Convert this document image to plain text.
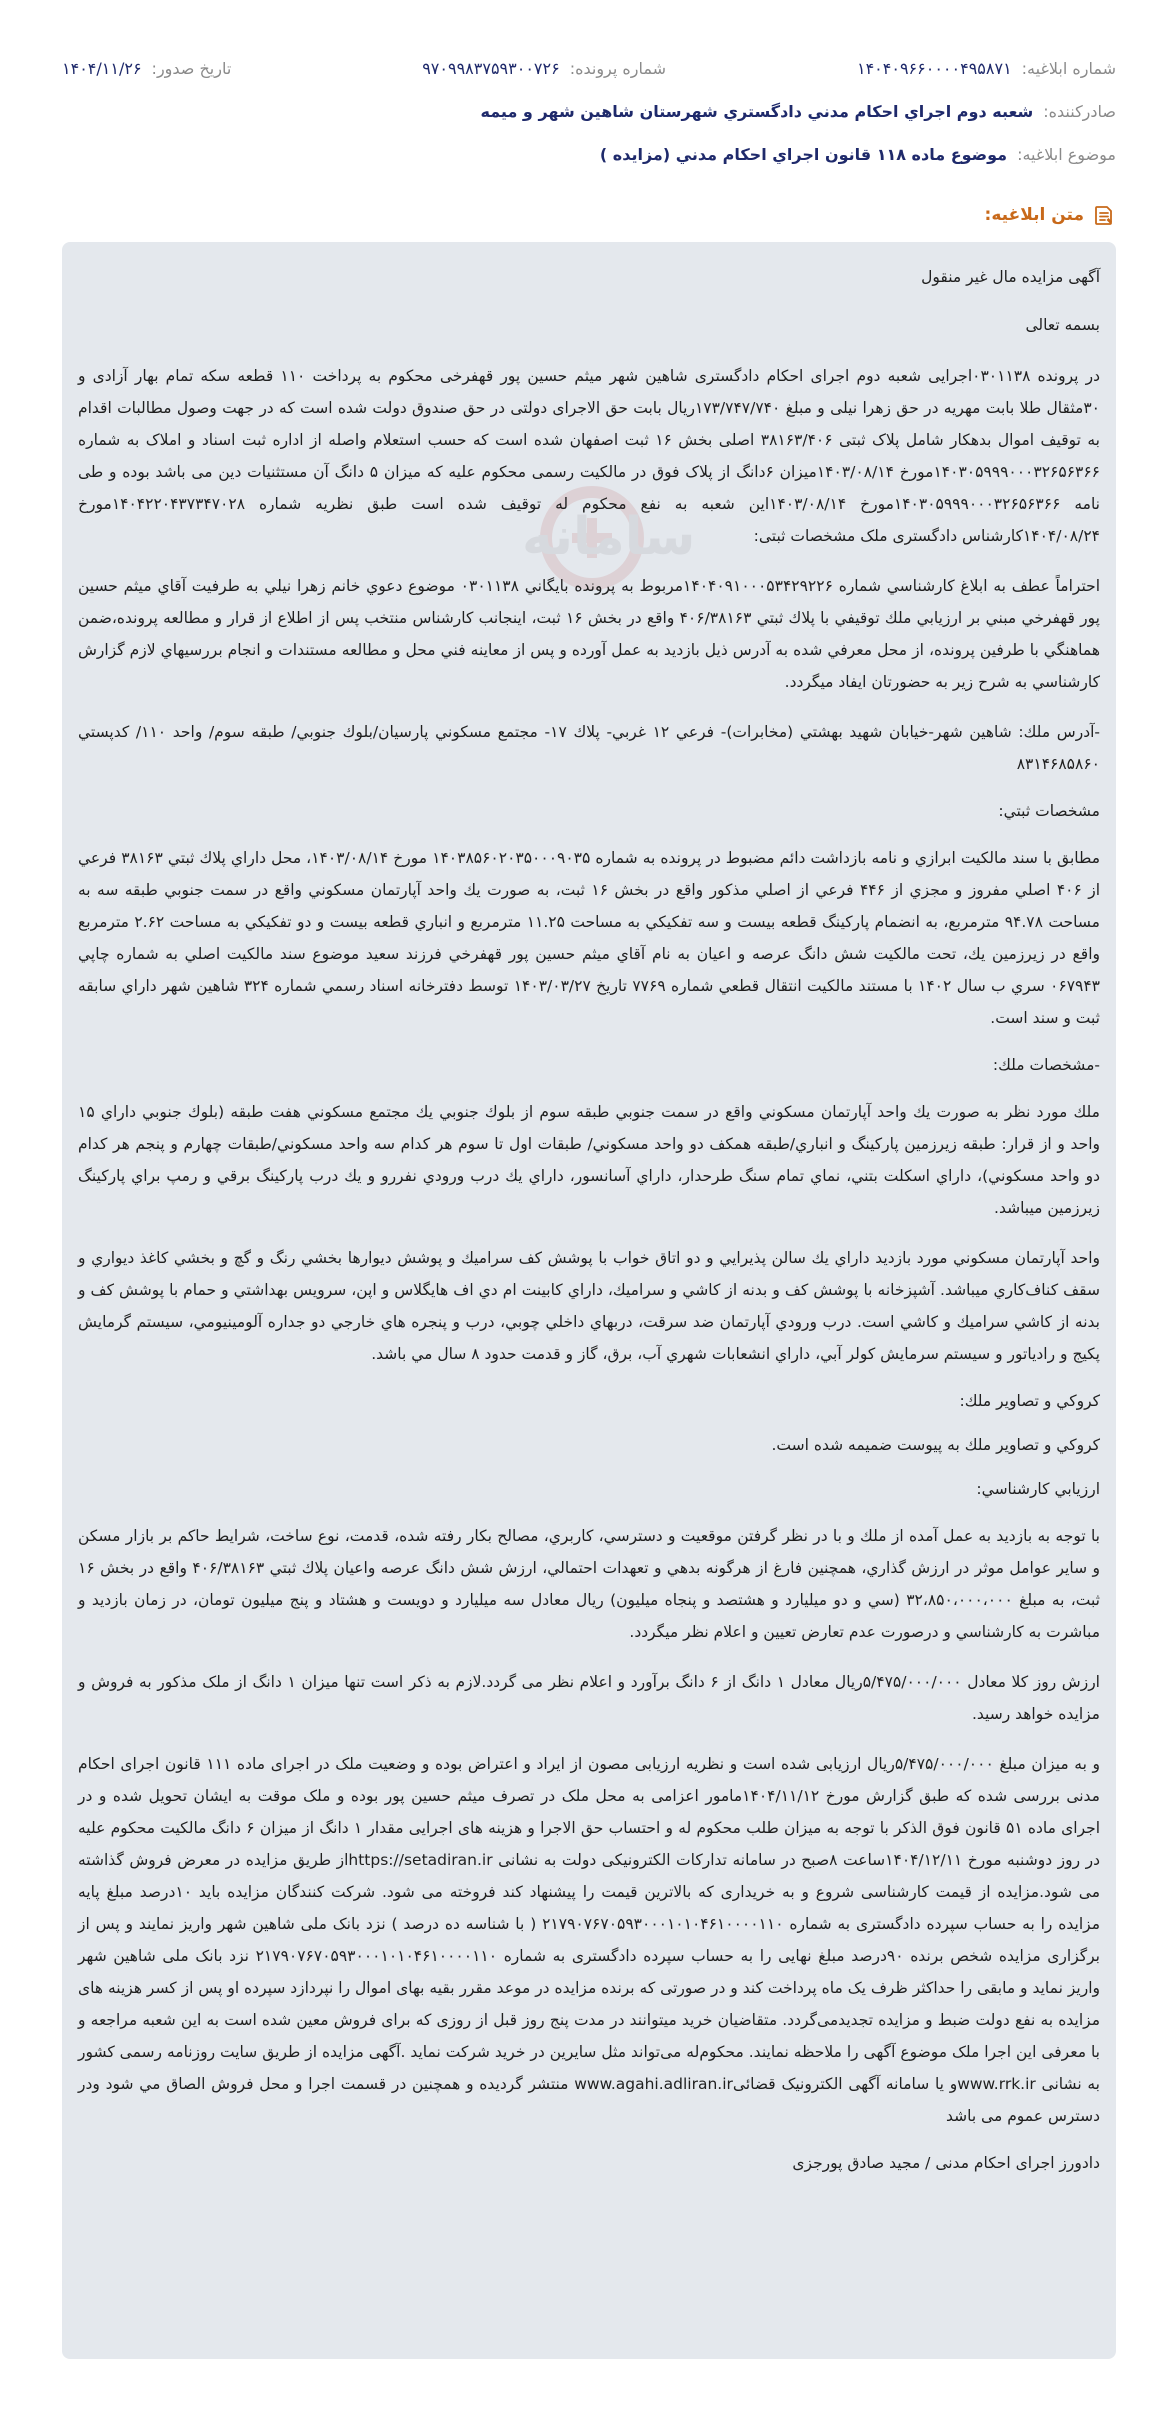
شماره ابلاغیه:
۱۴۰۴۰۹۶۶۰۰۰۰۴۹۵۸۷۱
شماره پرونده:
۹۷۰۹۹۸۳۷۵۹۳۰۰۷۲۶
تاریخ صدور:
۱۴۰۴/۱۱/۲۶
صادرکننده:
شعبه دوم اجراي احکام مدني دادگستري شهرستان شاهين شهر و ميمه
موضوع ابلاغیه:
موضوع ماده ۱۱۸ قانون اجراي احکام مدني (مزايده )
متن ابلاغیه:
سامانه

آگهی مزایده مال غیر منقول

بسمه تعالی

در پرونده ۰۳۰۱۱۳۸اجرایی شعبه دوم اجرای احکام دادگستری شاهین شهر میثم حسین پور قهفرخی محکوم به پرداخت ۱۱۰ قطعه سکه تمام بهار آزادی و ۳۰مثقال طلا بابت مهریه در حق زهرا نیلی و مبلغ ۱۷۳/۷۴۷/۷۴۰ریال بابت حق الاجرای دولتی در حق صندوق دولت شده است که در جهت وصول مطالبات اقدام به توقیف اموال بدهکار شامل پلاک ثبتی ۳۸۱۶۳/۴۰۶ اصلی بخش ۱۶ ثبت اصفهان شده است که حسب استعلام واصله از اداره ثبت اسناد و املاک به شماره ۱۴۰۳۰۵۹۹۹۰۰۰۳۲۶۵۶۳۶۶مورخ ۱۴۰۳/۰۸/۱۴میزان ۶دانگ از پلاک فوق در مالکیت رسمی محکوم علیه که میزان ۵ دانگ آن مستثنیات دین می باشد بوده و طی نامه ۱۴۰۳۰۵۹۹۹۰۰۰۳۲۶۵۶۳۶۶مورخ ۱۴۰۳/۰۸/۱۴این شعبه به نفع محکوم له توقیف شده است طبق نظریه شماره ۱۴۰۴۲۲۰۴۳۷۳۴۷۰۲۸مورخ ۱۴۰۴/۰۸/۲۴کارشناس دادگستری ملک مشخصات ثبتی:

احتراماً عطف به ابلاغ کارشناسي شماره ۱۴۰۴۰۹۱۰۰۰۵۳۴۲۹۲۲۶مربوط به پرونده بايگاني ۰۳۰۱۱۳۸ موضوع دعوي خانم زهرا نيلي به طرفيت آقاي ميثم حسين پور قهفرخي مبني بر ارزيابي ملك توقيفي با پلاك ثبتي ۴۰۶/۳۸۱۶۳ واقع در بخش ۱۶ ثبت، اينجانب كارشناس منتخب پس از اطلاع از قرار و مطالعه پرونده،ضمن هماهنگي با طرفين پرونده، از محل معرفي شده به آدرس ذيل بازديد به عمل آورده و پس از معاينه فني محل و مطالعه مستندات و انجام بررسيهاي لازم گزارش كارشناسي به شرح زير به حضورتان ايفاد ميگردد.

-آدرس ملك: شاهين شهر-خيابان شهيد بهشتي (مخابرات)- فرعي ۱۲ غربي- پلاك ۱۷- مجتمع مسكوني پارسيان/بلوك جنوبي/ طبقه سوم/ واحد ۱۱۰/ كدپستي ۸۳۱۴۶۸۵۸۶۰

مشخصات ثبتي:

مطابق با سند مالكيت ابرازي و نامه بازداشت دائم مضبوط در پرونده به شماره ۱۴۰۳۸۵۶۰۲۰۳۵۰۰۰۹۰۳۵ مورخ ۱۴۰۳/۰۸/۱۴، محل داراي پلاك ثبتي ۳۸۱۶۳ فرعي از ۴۰۶ اصلي مفروز و مجزي از ۴۴۶ فرعي از اصلي مذكور واقع در بخش ۱۶ ثبت، به صورت يك واحد آپارتمان مسكوني واقع در سمت جنوبي طبقه سه به مساحت ۹۴.۷۸ مترمربع، به انضمام پاركينگ قطعه بيست و سه تفكيكي به مساحت ۱۱.۲۵ مترمربع و انباري قطعه بيست و دو تفكيكي به مساحت ۲.۶۲ مترمربع واقع در زيرزمين يك، تحت مالكيت شش دانگ عرصه و اعيان به نام آقاي ميثم حسين پور قهفرخي فرزند سعيد موضوع سند مالكيت اصلي به شماره چاپي ۰۶۷۹۴۳ سري ب سال ۱۴۰۲ با مستند مالكيت انتقال قطعي شماره ۷۷۶۹ تاريخ ۱۴۰۳/۰۳/۲۷ توسط دفترخانه اسناد رسمي شماره ۳۲۴ شاهين شهر داراي سابقه ثبت و سند است.

-مشخصات ملك:

ملك مورد نظر به صورت يك واحد آپارتمان مسكوني واقع در سمت جنوبي طبقه سوم از بلوك جنوبي يك مجتمع مسكوني هفت طبقه (بلوك جنوبي داراي ۱۵ واحد و از قرار: طبقه زيرزمين پاركينگ و انباري/طبقه همكف دو واحد مسكوني/ طبقات اول تا سوم هر كدام سه واحد مسكوني/طبقات چهارم و پنجم هر كدام دو واحد مسكوني)، داراي اسكلت بتني، نماي تمام سنگ طرحدار، داراي آسانسور، داراي يك درب ورودي نفررو و يك درب پاركينگ برقي و رمپ براي پاركينگ زيرزمين ميباشد.

واحد آپارتمان مسكوني مورد بازديد داراي يك سالن پذيرايي و دو اتاق خواب با پوشش كف سراميك و پوشش ديوارها بخشي رنگ و گچ و بخشي كاغذ ديواري و سقف كناف‌كاري ميباشد. آشپزخانه با پوشش كف و بدنه از كاشي و سراميك، داراي كابينت ام دي اف هايگلاس و اپن، سرويس بهداشتي و حمام با پوشش كف و بدنه از كاشي سراميك و كاشي است. درب ورودي آپارتمان ضد سرقت، دربهاي داخلي چوبي، درب و پنجره هاي خارجي دو جداره آلومينيومي، سيستم گرمايش پكيج و رادياتور و سيستم سرمايش كولر آبي، داراي انشعابات شهري آب، برق، گاز و قدمت حدود ۸ سال مي باشد.

كروكي و تصاوير ملك:

كروكي و تصاوير ملك به پيوست ضميمه شده است.

ارزيابي كارشناسي:

با توجه به بازديد به عمل آمده از ملك و با در نظر گرفتن موقعيت و دسترسي، كاربري، مصالح بكار رفته شده، قدمت، نوع ساخت، شرايط حاكم بر بازار مسكن و ساير عوامل موثر در ارزش گذاري، همچنين فارغ از هرگونه بدهي و تعهدات احتمالي، ارزش شش دانگ عرصه واعيان پلاك ثبتي ۴۰۶/۳۸۱۶۳ واقع در بخش ۱۶ ثبت، به مبلغ ۳۲،۸۵۰،۰۰۰،۰۰۰ (سي و دو ميليارد و هشتصد و پنجاه ميليون) ريال معادل سه ميليارد و دويست و هشتاد و پنج ميليون تومان، در زمان بازديد و مباشرت به كارشناسي و درصورت عدم تعارض تعيين و اعلام نظر ميگردد.

ارزش روز کلا معادل ۵/۴۷۵/۰۰۰/۰۰۰ريال معادل ۱ دانگ از ۶ دانگ برآورد و اعلام نظر می گردد.لازم به ذکر است تنها میزان ۱ دانگ از ملک مذکور به فروش و مزایده خواهد رسید.

و به میزان مبلغ ۵/۴۷۵/۰۰۰/۰۰۰ریال ارزیابی شده است و نظریه ارزیابی مصون از ایراد و اعتراض بوده و وضعیت ملک در اجرای ماده ۱۱۱ قانون اجرای احکام مدنی بررسی شده که طبق گزارش مورخ ۱۴۰۴/۱۱/۱۲مامور اعزامی به محل ملک در تصرف میثم حسین پور بوده و ملک موقت به ایشان تحویل شده و در اجرای ماده ۵۱ قانون فوق الذکر با توجه به میزان طلب محکوم له و احتساب حق الاجرا و هزینه های اجرایی مقدار ۱ دانگ از میزان ۶ دانگ مالکیت محکوم علیه در روز دوشنبه مورخ ۱۴۰۴/۱۲/۱۱ساعت ۸صبح در سامانه تدارکات الکترونیکی دولت به نشانی https://setadiran.irاز طریق مزایده در معرض فروش گذاشته می شود.مزایده از قیمت کارشناسی شروع و به خریداری که بالاترین قیمت را پیشنهاد کند فروخته می شود. شرکت کنندگان مزایده باید ۱۰درصد مبلغ پایه مزایده را به حساب سپرده دادگستری به شماره ۲۱۷۹۰۷۶۷۰۵۹۳۰۰۰۱۰۱۰۴۶۱۰۰۰۰۱۱۰ ( با شناسه ده درصد ) نزد بانک ملی شاهین شهر واریز نمایند و پس از برگزاری مزایده شخص برنده ۹۰درصد مبلغ نهایی را به حساب سپرده دادگستری به شماره ۲۱۷۹۰۷۶۷۰۵۹۳۰۰۰۱۰۱۰۴۶۱۰۰۰۰۱۱۰ نزد بانک ملی شاهین شهر واریز نماید و مابقی را حداکثر ظرف یک ماه پرداخت کند و در صورتی که برنده مزایده در موعد مقرر بقیه بهای اموال را نپردازد سپرده او پس از کسر هزینه های مزایده به نفع دولت ضبط و مزایده تجدیدمی‌گردد. متقاضیان خرید میتوانند در مدت پنج روز قبل از روزی که برای فروش معین شده است به این شعبه مراجعه و با معرفی این اجرا ملک موضوع آگهی را ملاحظه نمایند. محکوم‌له می‌تواند مثل سایرین در خرید شرکت نماید .آگهی مزایده از طریق سایت روزنامه رسمی کشور به نشانی www.rrk.irو یا سامانه آگهی الکترونیک قضائیwww.agahi.adliran.ir منتشر گردیده و همچنین در قسمت اجرا و محل فروش الصاق مي شود ودر دسترس عموم می باشد

دادورز اجرای احکام مدنی / مجید صادق پورجزی
